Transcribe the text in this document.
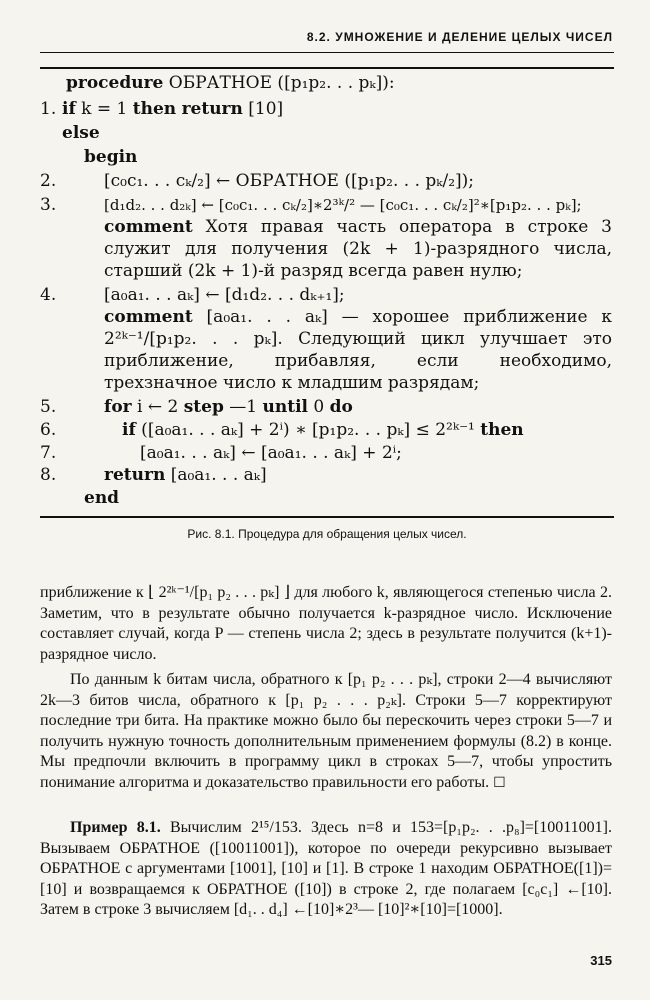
8.2. УМНОЖЕНИЕ И ДЕЛЕНИЕ ЦЕЛЫХ ЧИСЕЛ
procedure ОБРАТНОЕ ([p₁p₂. . . pₖ]):
1. if k = 1 then return [10]
else
begin
2.	[c₀c₁. . . cₖ/₂] ← ОБРАТНОЕ ([p₁p₂. . . pₖ/₂]);
3.	[d₁d₂. . . d₂ₖ] ← [c₀c₁. . . cₖ/₂]∗2³ᵏ/² — [c₀c₁. . . cₖ/₂]²∗[p₁p₂. . . pₖ];
comment Хотя правая часть оператора в строке 3 служит для получения (2k + 1)-разрядного числа, старший (2k + 1)-й разряд всегда равен нулю;
4.	[a₀a₁. . . aₖ] ← [d₁d₂. . . dₖ₊₁];
comment [a₀a₁. . . aₖ] — хорошее приближение к 2²ᵏ⁻¹/[p₁p₂. . . pₖ]. Следующий цикл улучшает это приближение, прибавляя, если необходимо, трехзначное число к младшим разрядам;
5.	for i ← 2 step —1 until 0 do
6.	if ([a₀a₁. . . aₖ] + 2ⁱ) ∗ [p₁p₂. . . pₖ] ≤ 2²ᵏ⁻¹ then
7.	[a₀a₁. . . aₖ] ← [a₀a₁. . . aₖ] + 2ⁱ;
8.	return [a₀a₁. . . aₖ]
end
Рис. 8.1. Процедура для обращения целых чисел.
приближение к ⌊ 2²ᵏ⁻¹/[p₁ p₂ . . . pₖ] ⌋ для любого k, являющегося степенью числа 2. Заметим, что в результате обычно получается k-разрядное число. Исключение составляет случай, когда P — степень числа 2; здесь в результате получится (k+1)-разрядное число.
По данным k битам числа, обратного к [p₁ p₂ . . . pₖ], строки 2—4 вычисляют 2k—3 битов числа, обратного к [p₁ p₂ . . . p₂ₖ]. Строки 5—7 корректируют последние три бита. На практике можно было бы перескочить через строки 5—7 и получить нужную точность дополнительным применением формулы (8.2) в конце. Мы предпочли включить в программу цикл в строках 5—7, чтобы упростить понимание алгоритма и доказательство правильности его работы. ☐
Пример 8.1. Вычислим 2¹⁵/153. Здесь n=8 и 153=[p₁p₂. . .p₈]=[10011001]. Вызываем ОБРАТНОЕ ([10011001]), которое по очереди рекурсивно вызывает ОБРАТНОЕ с аргументами [1001], [10] и [1]. В строке 1 находим ОБРАТНОЕ([1])=[10] и возвращаемся к ОБРАТНОЕ ([10]) в строке 2, где полагаем [c₀c₁] ←[10]. Затем в строке 3 вычисляем [d₁. . d₄] ←[10]∗2³— [10]²∗[10]=[1000].
315
